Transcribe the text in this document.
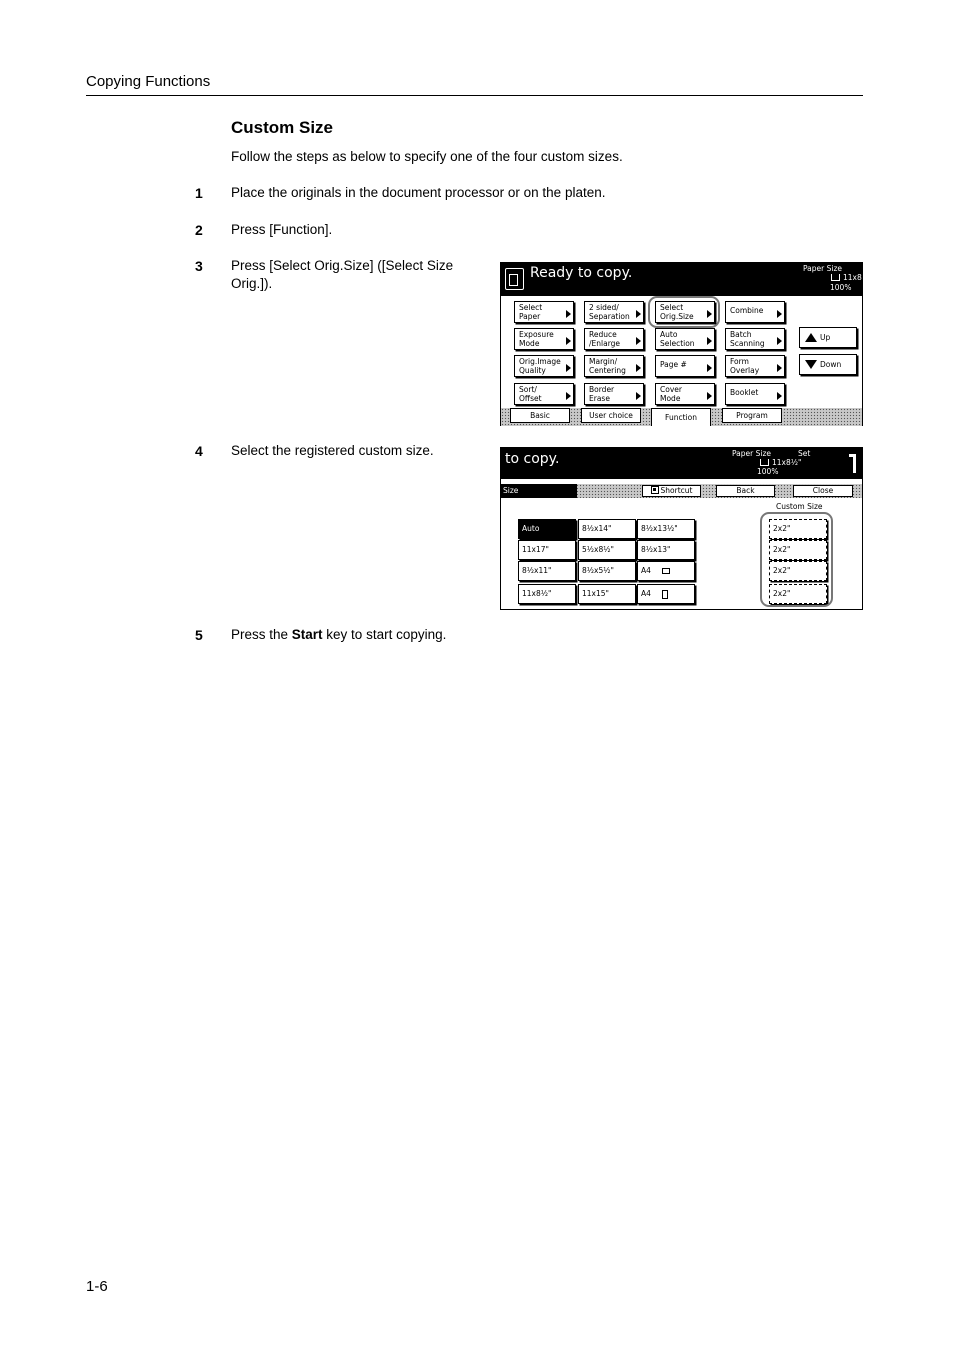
Copying Functions
Custom Size
Follow the steps as below to specify one of the four custom sizes.
1 Place the originals in the document processor or on the platen.
2 Press [Function].
3 Press [Select Orig.Size] ([Select Size Orig.]).
4 Select the registered custom size.
5 Press the Start key to start copying.
Ready to copy.	Paper Size
11x8
100%
Select
Paper
2 sided/
Separation
Select
Orig.Size
Combine
Exposure
Mode
Reduce
/Enlarge
Auto
Selection
Batch
Scanning
Orig.Image
Quality
Margin/
Centering
Page #	Form
Overlay
Sort/
Offset
Border
Erase
Cover
Mode
Booklet
Up
Down
Basic	User choice	Function	Program
to copy.	Paper Size	Set
11x8½"
100%
Size	Shortcut	Back	Close
Custom Size
Auto	8½x14"	8½x13½"
11x17"	5½x8½"	8½x13"
8½x11"	8½x5½"	A4
11x8½"	11x15"	A4
2x2"
2x2"
2x2"
2x2"
1-6
